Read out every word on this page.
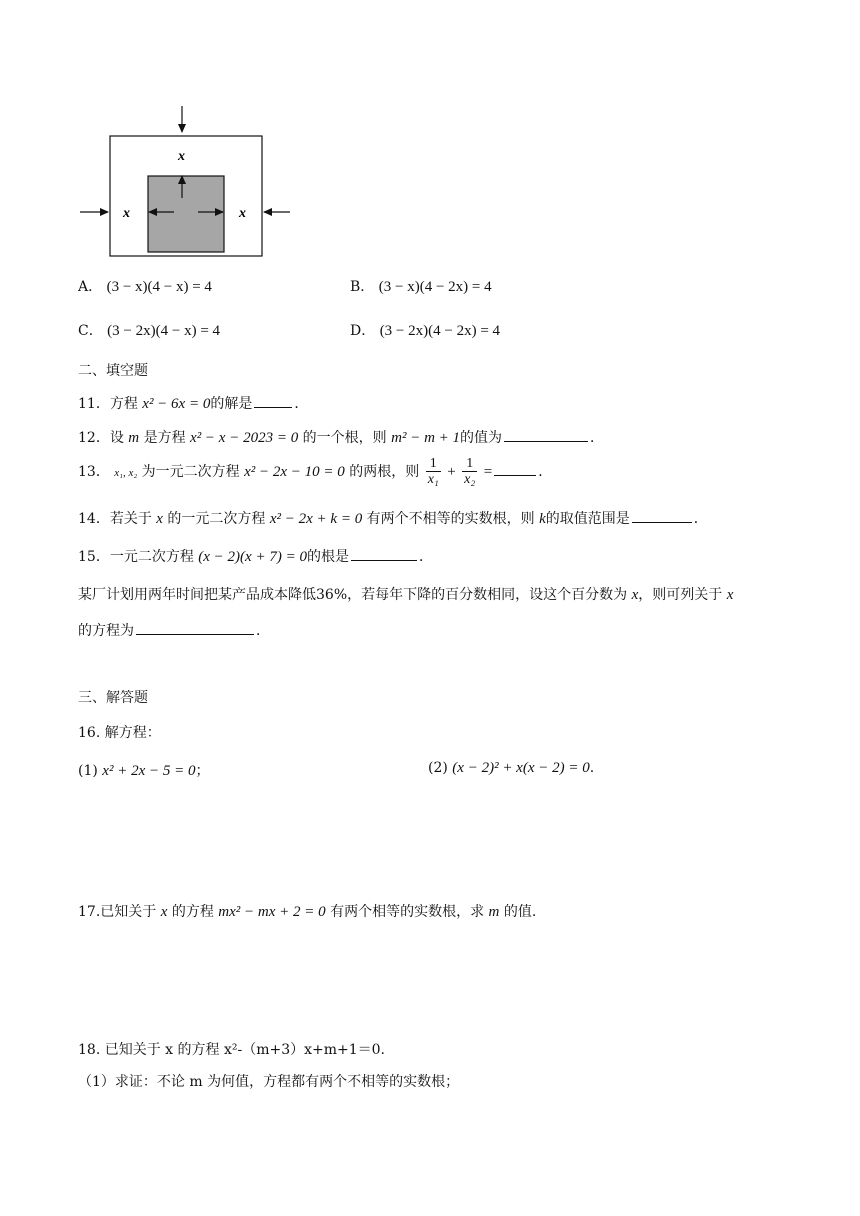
x
x	x
A． (3 − x)(4 − x) = 4	B． (3 − x)(4 − 2x) = 4
C． (3 − 2x)(4 − x) = 4	D． (3 − 2x)(4 − 2x) = 4
二、填空题
11．方程 x² − 6x = 0的解是	．
12．设 m 是方程 x² − x − 2023 = 0 的一个根，则 m² − m + 1的值为	．
13． x₁, x₂ 为一元二次方程 x² − 2x − 10 = 0 的两根，则 $\frac{1}{\text{x₁}} + \frac{1}{\text{x₂}}$ =	．
14．若关于 x 的一元二次方程 x² − 2x + k = 0 有两个不相等的实数根，则 k的取值范围是	．
15．一元二次方程 (x − 2)(x + 7) = 0的根是	．
某厂计划用两年时间把某产品成本降低36%，若每年下降的百分数相同，设这个百分数为 x，则可列关于 x
的方程为	．
三、解答题
16. 解方程：
(1) x² + 2x − 5 = 0；	(2) (x − 2)² + x(x − 2) = 0.
17.已知关于 x 的方程 mx² − mx + 2 = 0 有两个相等的实数根，求 m 的值.
18. 已知关于 x 的方程 x²-（m+3）x+m+1＝0.
（1）求证：不论 m 为何值，方程都有两个不相等的实数根；
